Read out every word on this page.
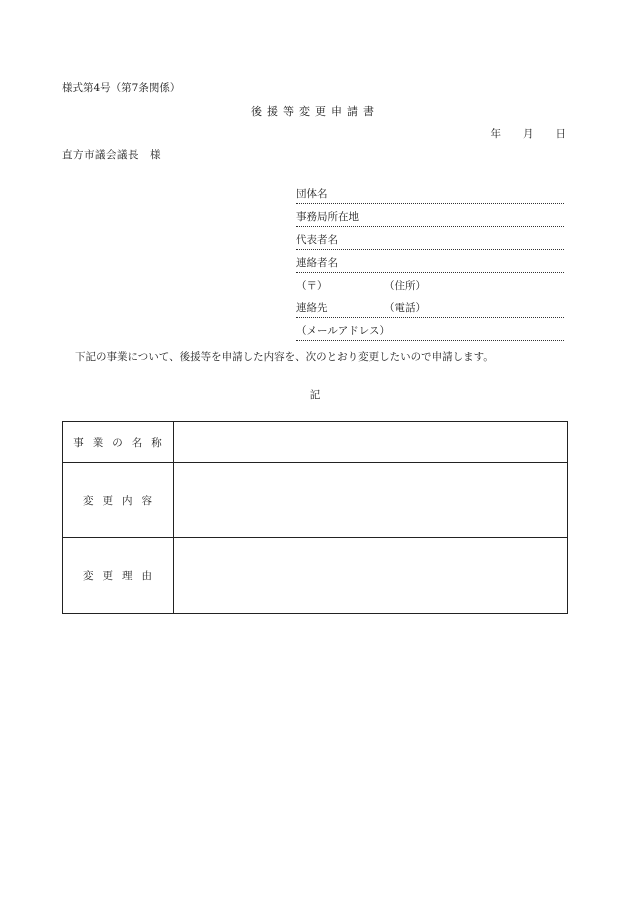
様式第4号（第7条関係）
後援等変更申請書
年 月 日
直方市議会議長　様
団体名
事務局所在地
代表者名
連絡者名
（〒）	（住所）
連絡先	（電話）
（メールアドレス）
下記の事業について、後援等を申請した内容を、次のとおり変更したいので申請します。
記
事業の名称	
変更内容	
変更理由	
